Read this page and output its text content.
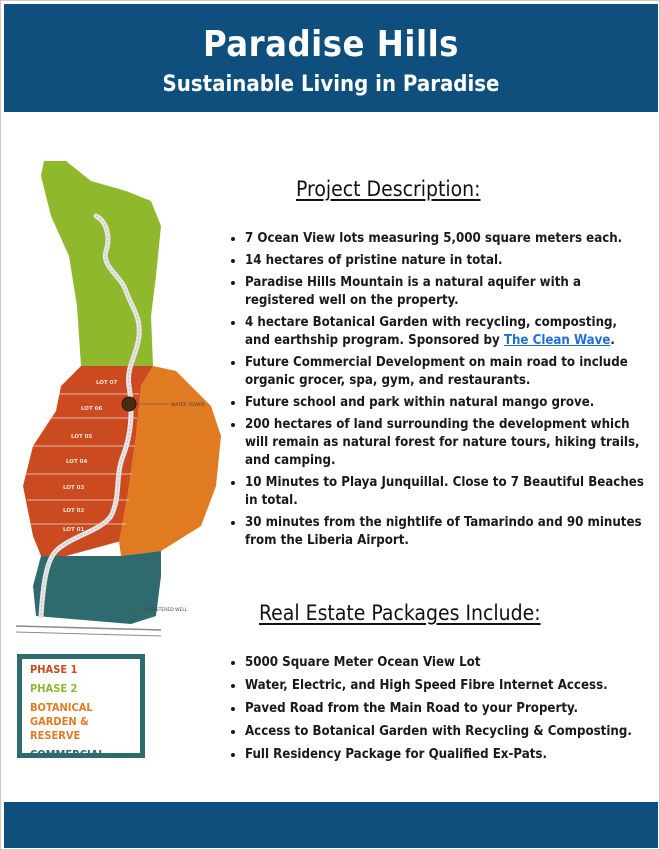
Paradise Hills
Sustainable Living in Paradise
LOT 07
LOT 06
LOT 05
LOT 04
LOT 03
LOT 02
LOT 01
WATER TOWER
REGISTERED WELL
PHASE 1
PHASE 2
BOTANICAL GARDEN & RESERVE
COMMERCIAL
Project Description:
• 7 Ocean View lots measuring 5,000 square meters each.
• 14 hectares of pristine nature in total.
• Paradise Hills Mountain is a natural aquifer with a registered well on the property.
• 4 hectare Botanical Garden with recycling, composting, and earthship program. Sponsored by The Clean Wave.
• Future Commercial Development on main road to include organic grocer, spa, gym, and restaurants.
• Future school and park within natural mango grove.
• 200 hectares of land surrounding the development which will remain as natural forest for nature tours, hiking trails, and camping.
• 10 Minutes to Playa Junquillal. Close to 7 Beautiful Beaches in total.
• 30 minutes from the nightlife of Tamarindo and 90 minutes from the Liberia Airport.
Real Estate Packages Include:
• 5000 Square Meter Ocean View Lot
• Water, Electric, and High Speed Fibre Internet Access.
• Paved Road from the Main Road to your Property.
• Access to Botanical Garden with Recycling & Composting.
• Full Residency Package for Qualified Ex-Pats.
